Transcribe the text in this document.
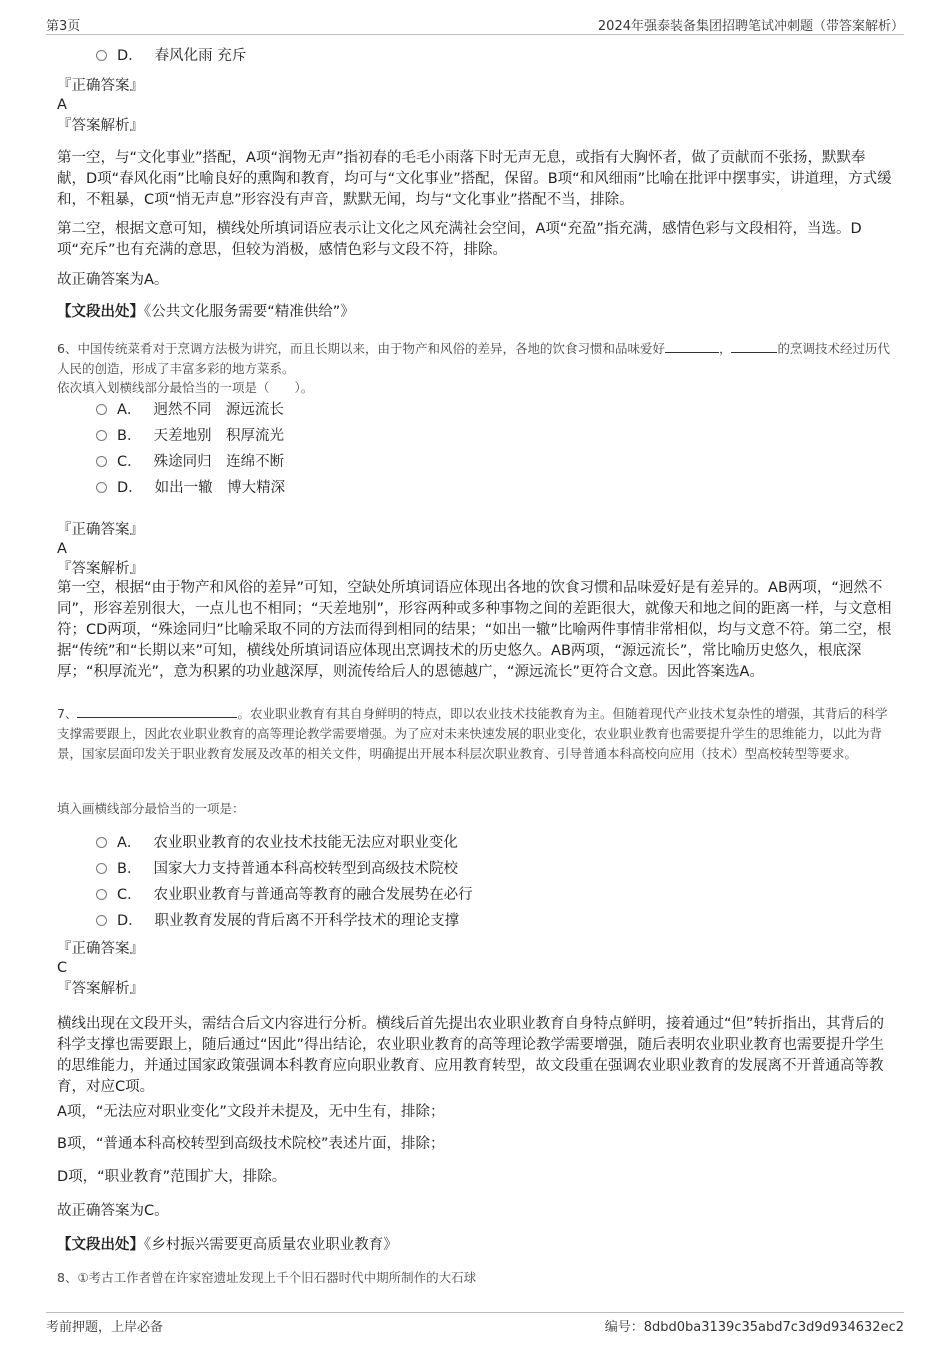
第3页	2024年强泰装备集团招聘笔试冲刺题（带答案解析）
D． 春风化雨 充斥
『正确答案』
A
『答案解析』
第一空，与“文化事业”搭配，A项“润物无声”指初春的毛毛小雨落下时无声无息，或指有大胸怀者，做了贡献而不张扬，默默奉献，D项“春风化雨”比喻良好的熏陶和教育，均可与“文化事业”搭配，保留。B项“和风细雨”比喻在批评中摆事实，讲道理，方式缓和，不粗暴，C项“悄无声息”形容没有声音，默默无闻，均与“文化事业”搭配不当，排除。
第二空，根据文意可知，横线处所填词语应表示让文化之风充满社会空间，A项“充盈”指充满，感情色彩与文段相符，当选。D项“充斥”也有充满的意思，但较为消极，感情色彩与文段不符，排除。
故正确答案为A。
【文段出处】《公共文化服务需要“精准供给”》
6、中国传统菜肴对于烹调方法极为讲究，而且长期以来，由于物产和风俗的差异，各地的饮食习惯和品味爱好	，	的烹调技术经过历代人民的创造，形成了丰富多彩的地方菜系。
依次填入划横线部分最恰当的一项是（　　）。
A． 迥然不同　源远流长
B． 天差地别　积厚流光
C． 殊途同归　连绵不断
D． 如出一辙　博大精深
『正确答案』
A
『答案解析』
第一空，根据“由于物产和风俗的差异”可知，空缺处所填词语应体现出各地的饮食习惯和品味爱好是有差异的。AB两项，“迥然不同”，形容差别很大，一点儿也不相同；“天差地别”，形容两种或多种事物之间的差距很大，就像天和地之间的距离一样，与文意相符；CD两项，“殊途同归”比喻采取不同的方法而得到相同的结果；“如出一辙”比喻两件事情非常相似，均与文意不符。第二空，根据“传统”和“长期以来”可知，横线处所填词语应体现出烹调技术的历史悠久。AB两项，“源远流长”，常比喻历史悠久，根底深厚；“积厚流光”，意为积累的功业越深厚，则流传给后人的恩德越广，“源远流长”更符合文意。因此答案选A。
7、	。农业职业教育有其自身鲜明的特点，即以农业技术技能教育为主。但随着现代产业技术复杂性的增强，其背后的科学支撑需要跟上，因此农业职业教育的高等理论教学需要增强。为了应对未来快速发展的职业变化，农业职业教育也需要提升学生的思维能力，以此为背景，国家层面印发关于职业教育发展及改革的相关文件，明确提出开展本科层次职业教育、引导普通本科高校向应用（技术）型高校转型等要求。
填入画横线部分最恰当的一项是：
A． 农业职业教育的农业技术技能无法应对职业变化
B． 国家大力支持普通本科高校转型到高级技术院校
C． 农业职业教育与普通高等教育的融合发展势在必行
D． 职业教育发展的背后离不开科学技术的理论支撑
『正确答案』
C
『答案解析』
横线出现在文段开头，需结合后文内容进行分析。横线后首先提出农业职业教育自身特点鲜明，接着通过“但”转折指出，其背后的科学支撑也需要跟上，随后通过“因此”得出结论，农业职业教育的高等理论教学需要增强，随后表明农业职业教育也需要提升学生的思维能力，并通过国家政策强调本科教育应向职业教育、应用教育转型，故文段重在强调农业职业教育的发展离不开普通高等教育，对应C项。
A项，“无法应对职业变化”文段并未提及，无中生有，排除；
B项，“普通本科高校转型到高级技术院校”表述片面，排除；
D项，“职业教育”范围扩大，排除。
故正确答案为C。
【文段出处】《乡村振兴需要更高质量农业职业教育》
8、①考古工作者曾在许家窑遗址发现上千个旧石器时代中期所制作的大石球
考前押题，上岸必备	编号：8dbd0ba3139c35abd7c3d9d934632ec2
